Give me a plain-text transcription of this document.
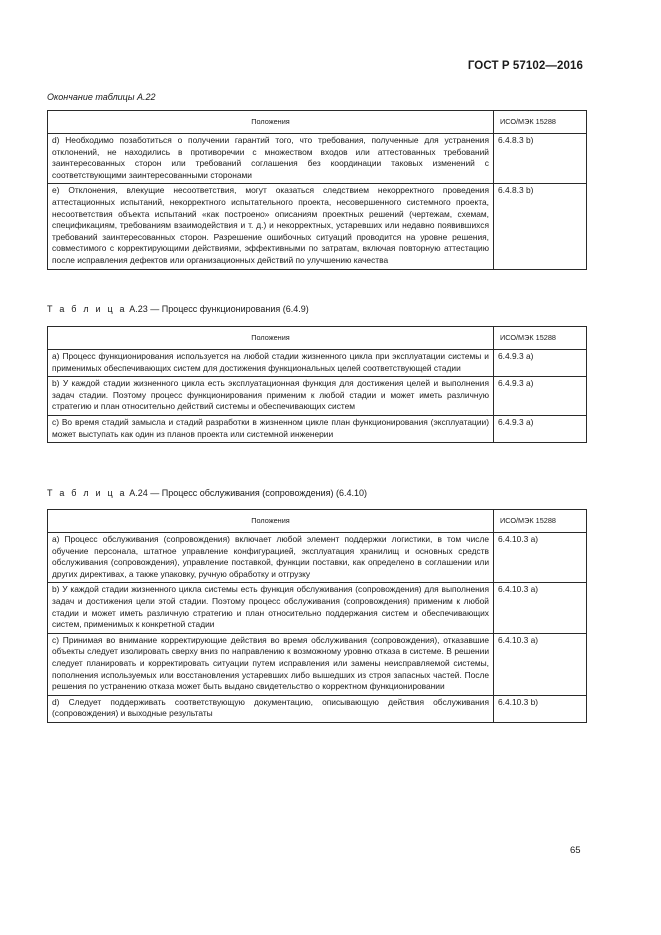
ГОСТ Р 57102—2016
Окончание таблицы А.22
Положения	ИСО/МЭК 15288
d) Необходимо позаботиться о получении гарантий того, что требования, полученные для устранения отклонений, не находились в противоречии с множеством входов или аттестованных требований заинтересованных сторон или требований соглашения без координации таковых изменений с соответствующими заинтересованными сторонами	6.4.8.3 b)
е) Отклонения, влекущие несоответствия, могут оказаться следствием некорректного проведения аттестационных испытаний, некорректного испытательного проекта, несовершенного системного проекта, несоответствия объекта испытаний «как построено» описаниям проектных решений (чертежам, схемам, спецификациям, требованиям взаимодействия и т. д.) и некорректных, устаревших или недавно появившихся требований заинтересованных сторон. Разрешение ошибочных ситуаций проводится на уровне решения, совместимого с корректирующими действиями, эффективными по затратам, включая повторную аттестацию после исправления дефектов или организационных действий по улучшению качества	6.4.8.3 b)
Т а б л и ц а А.23 — Процесс функционирования (6.4.9)
Положения	ИСО/МЭК 15288
а) Процесс функционирования используется на любой стадии жизненного цикла при эксплуатации системы и применимых обеспечивающих систем для достижения функциональных целей соответствующей стадии	6.4.9.3 а)
b) У каждой стадии жизненного цикла есть эксплуатационная функция для достижения целей и выполнения задач стадии. Поэтому процесс функционирования применим к любой стадии и может иметь различную стратегию и план относительно действий системы и обеспечивающих систем	6.4.9.3 а)
с) Во время стадий замысла и стадий разработки в жизненном цикле план функционирования (эксплуатации) может выступать как один из планов проекта или системной инженерии	6.4.9.3 а)
Т а б л и ц а А.24 — Процесс обслуживания (сопровождения) (6.4.10)
Положения	ИСО/МЭК 15288
а) Процесс обслуживания (сопровождения) включает любой элемент поддержки логистики, в том числе обучение персонала, штатное управление конфигурацией, эксплуатация хранилищ и основных средств обслуживания (сопровождения), управление поставкой, функции поставки, как определено в соглашении или других директивах, а также упаковку, ручную обработку и отгрузку	6.4.10.3 а)
b) У каждой стадии жизненного цикла системы есть функция обслуживания (сопровождения) для выполнения задач и достижения цели этой стадии. Поэтому процесс обслуживания (сопровождения) применим к любой стадии и может иметь различную стратегию и план относительно поддержания систем и обеспечивающих систем, применимых к конкретной стадии	6.4.10.3 а)
с) Принимая во внимание корректирующие действия во время обслуживания (сопровождения), отказавшие объекты следует изолировать сверху вниз по направлению к возможному уровню отказа в системе. В решении следует планировать и корректировать ситуации путем исправления или замены неисправляемой системы, пополнения используемых или восстановления устаревших либо вышедших из строя запасных частей. После решения по устранению отказа может быть выдано свидетельство о корректном функционировании	6.4.10.3 а)
d) Следует поддерживать соответствующую документацию, описывающую действия обслуживания (сопровождения) и выходные результаты	6.4.10.3 b)
65
